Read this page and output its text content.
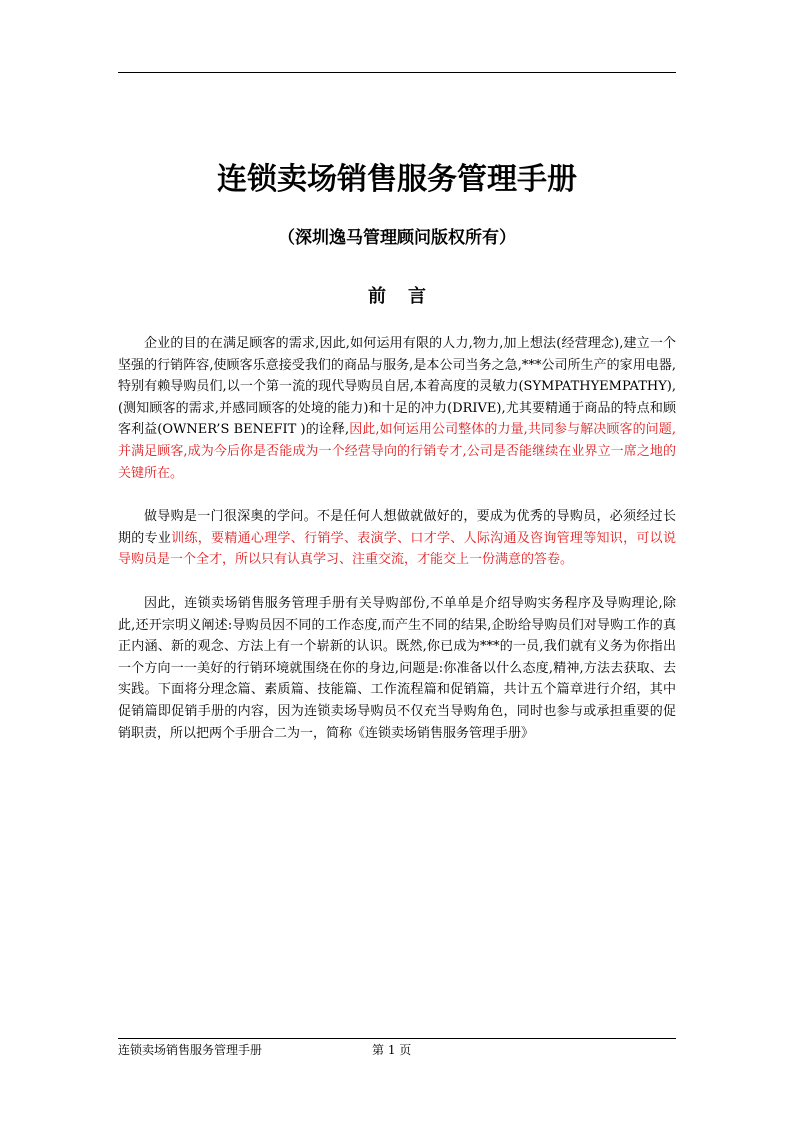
连锁卖场销售服务管理手册
（深圳逸马管理顾问版权所有）
前言

企业的目的在满足顾客的需求,因此,如何运用有限的人力,物力,加上想法(经营理念),建立一个坚强的行销阵容,使顾客乐意接受我们的商品与服务,是本公司当务之急,***公司所生产的家用电器,特别有赖导购员们,以一个第一流的现代导购员自居,本着高度的灵敏力(SYMPATHYEMPATHY),(测知顾客的需求,并感同顾客的处境的能力)和十足的冲力(DRIVE),尤其要精通于商品的特点和顾客利益(OWNER’S BENEFIT )的诠释,因此,如何运用公司整体的力量,共同参与解决顾客的问题,并满足顾客,成为今后你是否能成为一个经营导向的行销专才,公司是否能继续在业界立一席之地的关键所在。

做导购是一门很深奥的学问。不是任何人想做就做好的，要成为优秀的导购员，必须经过长期的专业训练，要精通心理学、行销学、表演学、口才学、人际沟通及咨询管理等知识，可以说导购员是一个全才，所以只有认真学习、注重交流，才能交上一份满意的答卷。

因此，连锁卖场销售服务管理手册有关导购部份,不单单是介绍导购实务程序及导购理论,除此,还开宗明义阐述:导购员因不同的工作态度,而产生不同的结果,企盼给导购员们对导购工作的真正内涵、新的观念、方法上有一个崭新的认识。既然,你已成为***的一员,我们就有义务为你指出一个方向一一美好的行销环境就围绕在你的身边,问题是:你准备以什么态度,精神,方法去获取、去实践。下面将分理念篇、素质篇、技能篇、工作流程篇和促销篇，共计五个篇章进行介绍，其中促销篇即促销手册的内容，因为连锁卖场导购员不仅充当导购角色，同时也参与或承担重要的促销职责，所以把两个手册合二为一，简称《连锁卖场销售服务管理手册》

连锁卖场销售服务管理手册	第 1 页
